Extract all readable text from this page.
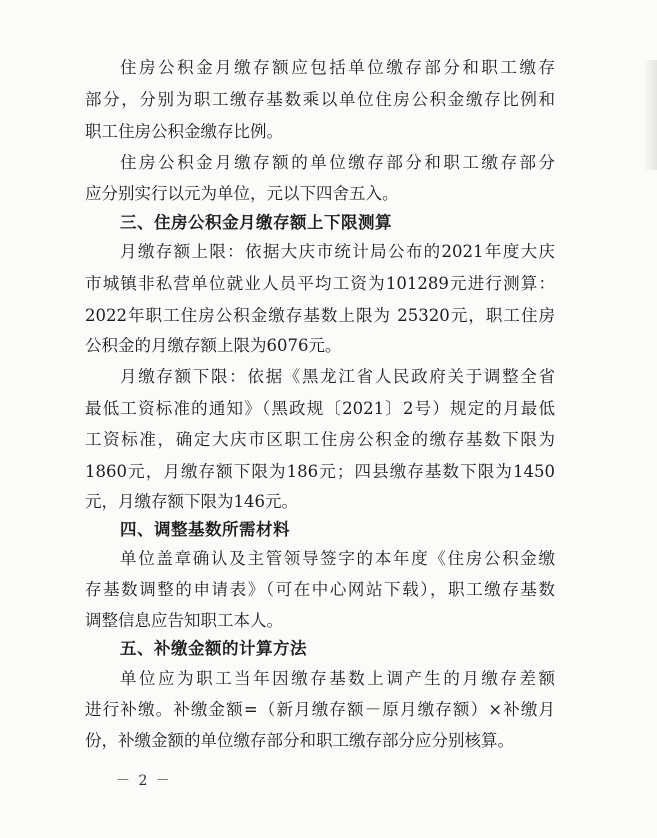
住房公积金月缴存额应包括单位缴存部分和职工缴存
部分，分别为职工缴存基数乘以单位住房公积金缴存比例和
职工住房公积金缴存比例。
住房公积金月缴存额的单位缴存部分和职工缴存部分
应分别实行以元为单位，元以下四舍五入。
三、住房公积金月缴存额上下限测算
月缴存额上限：依据大庆市统计局公布的2021年度大庆
市城镇非私营单位就业人员平均工资为101289元进行测算：
2022年职工住房公积金缴存基数上限为 25320元，职工住房
公积金的月缴存额上限为6076元。
月缴存额下限：依据《黑龙江省人民政府关于调整全省
最低工资标准的通知》（黑政规〔2021〕2号）规定的月最低
工资标准，确定大庆市区职工住房公积金的缴存基数下限为
1860元，月缴存额下限为186元；四县缴存基数下限为1450
元，月缴存额下限为146元。
四、调整基数所需材料
单位盖章确认及主管领导签字的本年度《住房公积金缴
存基数调整的申请表》（可在中心网站下载），职工缴存基数
调整信息应告知职工本人。
五、补缴金额的计算方法
单位应为职工当年因缴存基数上调产生的月缴存差额
进行补缴。补缴金额=（新月缴存额－原月缴存额）×补缴月
份，补缴金额的单位缴存部分和职工缴存部分应分别核算。
－ 2 －
